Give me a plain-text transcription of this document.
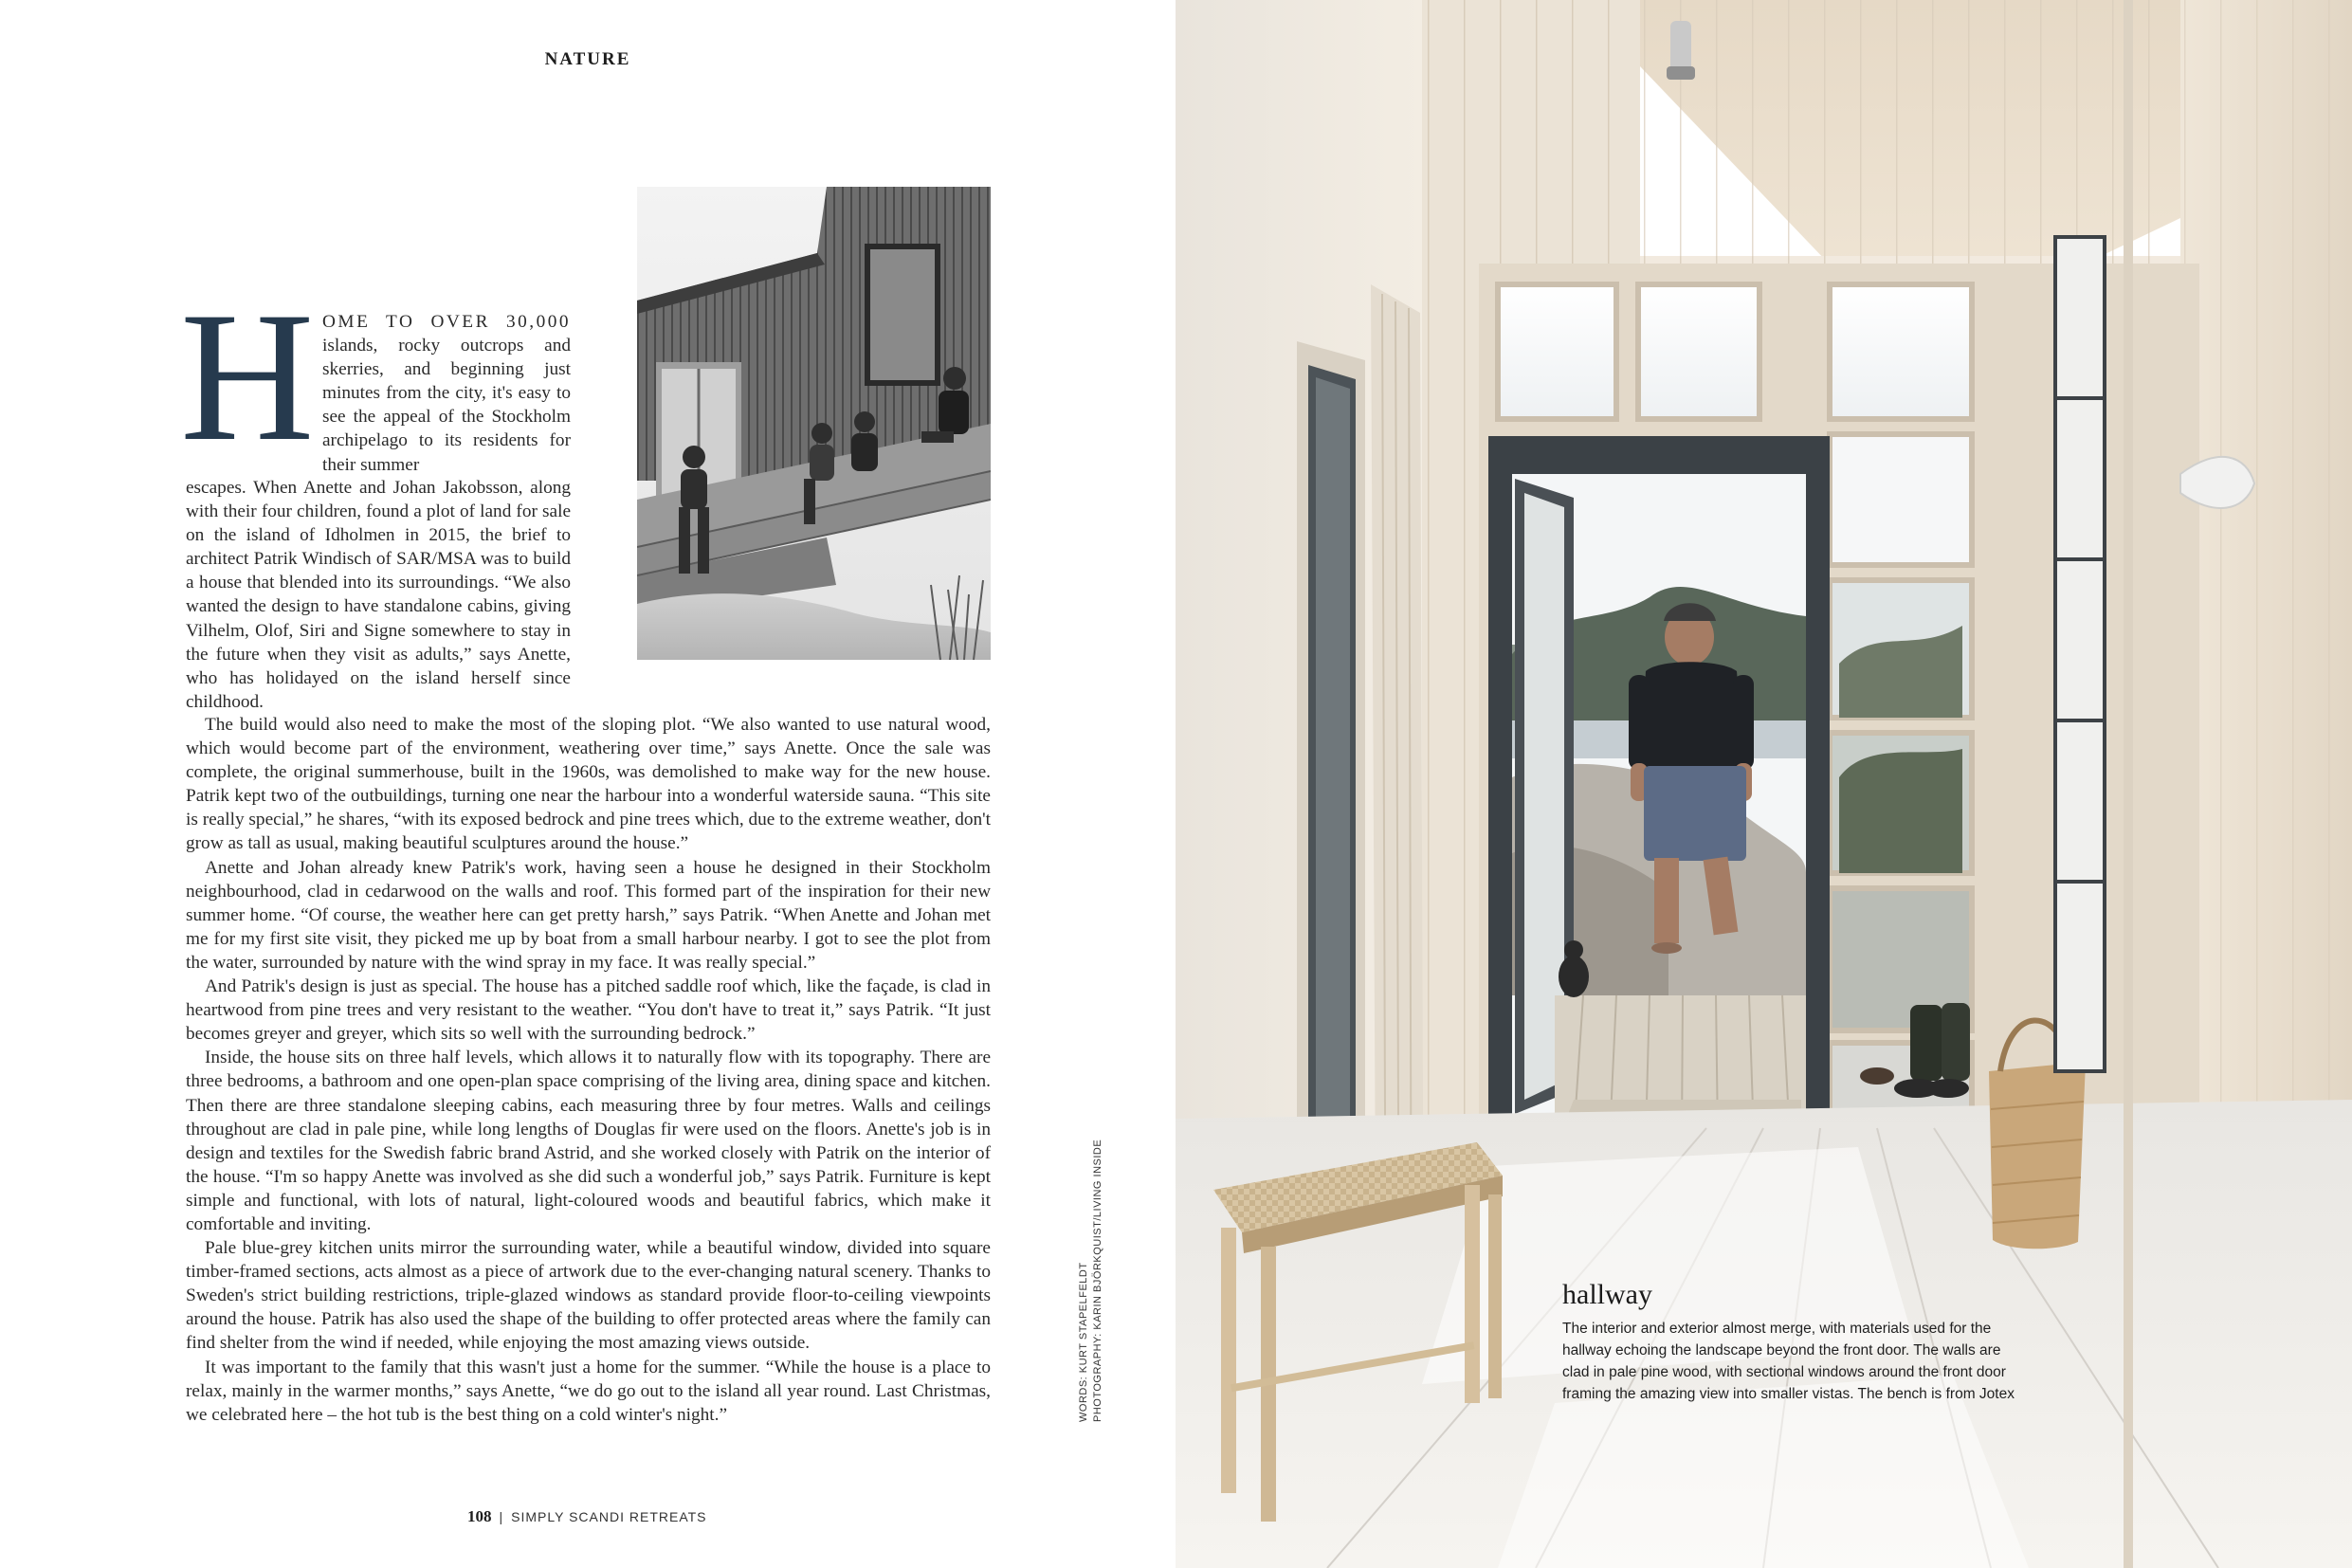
NATURE
H OME TO OVER 30,000 islands, rocky outcrops and skerries, and beginning just minutes from the city, it's easy to see the appeal of the Stockholm archipelago to its residents for their summer
escapes. When Anette and Johan Jakobsson, along with their four children, found a plot of land for sale on the island of Idholmen in 2015, the brief to architect Patrik Windisch of SAR/MSA was to build a house that blended into its surroundings. “We also wanted the design to have standalone cabins, giving Vilhelm, Olof, Siri and Signe somewhere to stay in the future when they visit as adults,” says Anette, who has holidayed on the island herself since childhood.

The build would also need to make the most of the sloping plot. “We also wanted to use natural wood, which would become part of the environment, weathering over time,” says Anette. Once the sale was complete, the original summerhouse, built in the 1960s, was demolished to make way for the new house. Patrik kept two of the outbuildings, turning one near the harbour into a wonderful waterside sauna. “This site is really special,” he shares, “with its exposed bedrock and pine trees which, due to the extreme weather, don't grow as tall as usual, making beautiful sculptures around the house.”

Anette and Johan already knew Patrik's work, having seen a house he designed in their Stockholm neighbourhood, clad in cedarwood on the walls and roof. This formed part of the inspiration for their new summer home. “Of course, the weather here can get pretty harsh,” says Patrik. “When Anette and Johan met me for my first site visit, they picked me up by boat from a small harbour nearby. I got to see the plot from the water, surrounded by nature with the wind spray in my face. It was really special.”

And Patrik's design is just as special. The house has a pitched saddle roof which, like the façade, is clad in heartwood from pine trees and very resistant to the weather. “You don't have to treat it,” says Patrik. “It just becomes greyer and greyer, which sits so well with the surrounding bedrock.”

Inside, the house sits on three half levels, which allows it to naturally flow with its topography. There are three bedrooms, a bathroom and one open-plan space comprising of the living area, dining space and kitchen. Then there are three standalone sleeping cabins, each measuring three by four metres. Walls and ceilings throughout are clad in pale pine, while long lengths of Douglas fir were used on the floors. Anette's job is in design and textiles for the Swedish fabric brand Astrid, and she worked closely with Patrik on the interior of the house. “I'm so happy Anette was involved as she did such a wonderful job,” says Patrik. Furniture is kept simple and functional, with lots of natural, light-coloured woods and beautiful fabrics, which make it comfortable and inviting.

Pale blue-grey kitchen units mirror the surrounding water, while a beautiful window, divided into square timber-framed sections, acts almost as a piece of artwork due to the ever-changing natural scenery. Thanks to Sweden's strict building restrictions, triple-glazed windows as standard provide floor-to-ceiling viewpoints around the house. Patrik has also used the shape of the building to offer protected areas where the family can find shelter from the wind if needed, while enjoying the most amazing views outside.

It was important to the family that this wasn't just a home for the summer. “While the house is a place to relax, mainly in the warmer months,” says Anette, “we do go out to the island all year round. Last Christmas, we celebrated here – the hot tub is the best thing on a cold winter's night.”	WORDS: KURT STAPELFELDT PHOTOGRAPHY: KARIN BJÖRKQUIST/LIVING INSIDE
108 | SIMPLY SCANDI RETREATS
hallway
The interior and exterior almost merge, with materials used for the hallway echoing the landscape beyond the front door. The walls are clad in pale pine wood, with sectional windows around the front door framing the amazing view into smaller vistas. The bench is from Jotex
